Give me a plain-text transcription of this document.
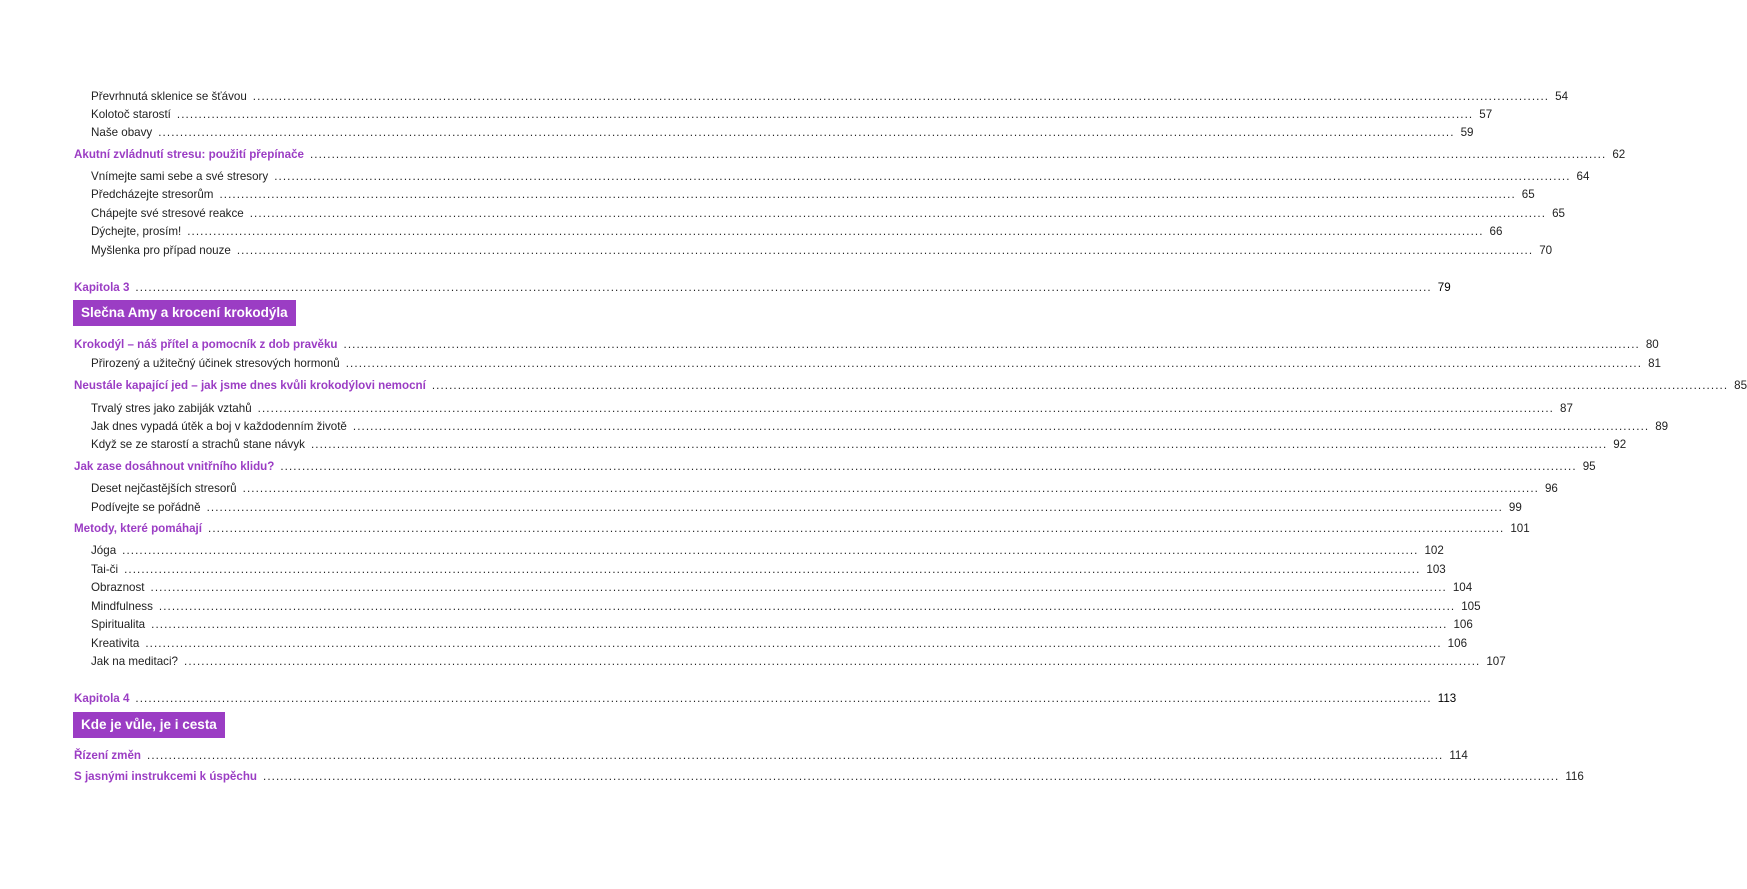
Převrhnutá sklenice se šťávou ............................................................................................................................................................................................................................................................................................................ 54
Kolotoč starostí ............................................................................................................................................................................................................................................................................................................ 57
Naše obavy ............................................................................................................................................................................................................................................................................................................ 59
Akutní zvládnutí stresu: použití přepínače ............................................................................................................................................................................................................................................................................................................ 62
Vnímejte sami sebe a své stresory ............................................................................................................................................................................................................................................................................................................ 64
Předcházejte stresorům ............................................................................................................................................................................................................................................................................................................ 65
Chápejte své stresové reakce ............................................................................................................................................................................................................................................................................................................ 65
Dýchejte, prosím! ............................................................................................................................................................................................................................................................................................................ 66
Myšlenka pro případ nouze ............................................................................................................................................................................................................................................................................................................ 70
Kapitola 3 ............................................................................................................................................................................................................................................................................................................ 79
Krokodýl – náš přítel a pomocník z dob pravěku ............................................................................................................................................................................................................................................................................................................ 80
Přirozený a užitečný účinek stresových hormonů ............................................................................................................................................................................................................................................................................................................ 81
Neustále kapající jed – jak jsme dnes kvůli krokodýlovi nemocní ............................................................................................................................................................................................................................................................................................................ 85
Trvalý stres jako zabiják vztahů ............................................................................................................................................................................................................................................................................................................ 87
Jak dnes vypadá útěk a boj v každodenním životě ............................................................................................................................................................................................................................................................................................................ 89
Když se ze starostí a strachů stane návyk ............................................................................................................................................................................................................................................................................................................ 92
Jak zase dosáhnout vnitřního klidu? ............................................................................................................................................................................................................................................................................................................ 95
Deset nejčastějších stresorů ............................................................................................................................................................................................................................................................................................................ 96
Podívejte se pořádně ............................................................................................................................................................................................................................................................................................................ 99
Metody, které pomáhají ............................................................................................................................................................................................................................................................................................................ 101
Jóga ............................................................................................................................................................................................................................................................................................................ 102
Tai-či ............................................................................................................................................................................................................................................................................................................ 103
Obraznost ............................................................................................................................................................................................................................................................................................................ 104
Mindfulness ............................................................................................................................................................................................................................................................................................................ 105
Spiritualita ............................................................................................................................................................................................................................................................................................................ 106
Kreativita ............................................................................................................................................................................................................................................................................................................ 106
Jak na meditaci? ............................................................................................................................................................................................................................................................................................................ 107
Kapitola 4 ............................................................................................................................................................................................................................................................................................................ 113
Řízení změn ............................................................................................................................................................................................................................................................................................................ 114
S jasnými instrukcemi k úspěchu ............................................................................................................................................................................................................................................................................................................ 116
Slečna Amy a krocení krokodýla
Kde je vůle, je i cesta
